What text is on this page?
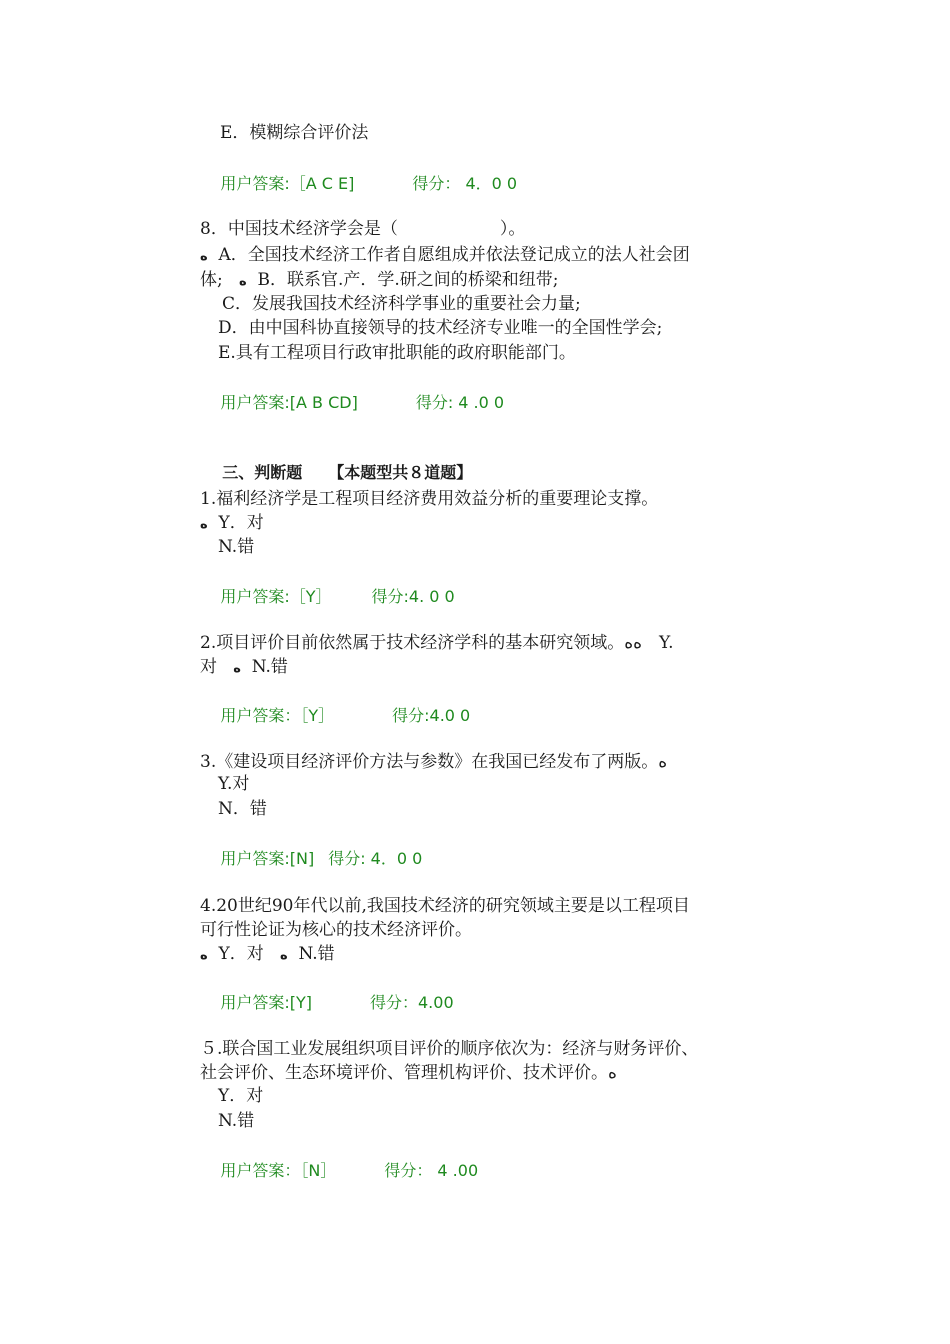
E．模糊综合评价法

用户答案:［A C E]	得分： 4．0 0

8．中国技术经济学会是（　　　　　　）。
ﻩ A．全国技术经济工作者自愿组成并依法登记成立的法人社会团
体; ﻩ B．联系官.产．学.研之间的桥梁和纽带;
C．发展我国技术经济科学事业的重要社会力量;
D．由中国科协直接领导的技术经济专业唯一的全国性学会;
E.具有工程项目行政审批职能的政府职能部门。

用户答案:[A B CD]	得分: 4 .0 0

三、判断题 【本题型共８道题】

1.福利经济学是工程项目经济费用效益分析的重要理论支撑。
ﻩ Y．对
N.错

用户答案:［Y］	得分:4. 0 0

2.项目评价目前依然属于技术经济学科的基本研究领域。ﻩﻩ　Y.
对 ﻩ N.错

用户答案：［Y］	得分:4.0 0

3.《建设项目经济评价方法与参数》在我国已经发布了两版。ﻩ
Y.对
N．错

用户答案:[N] 得分: 4．0 0

4.20世纪90年代以前,我国技术经济的研究领域主要是以工程项目
可行性论证为核心的技术经济评价。
ﻩ Y．对 ﻩ N.错

用户答案:[Y]	得分：4.00

５.联合国工业发展组织项目评价的顺序依次为：经济与财务评价、
社会评价、生态环境评价、管理机构评价、技术评价。ﻩ
Y．对
N.错

用户答案：［N］	得分： 4 .00
